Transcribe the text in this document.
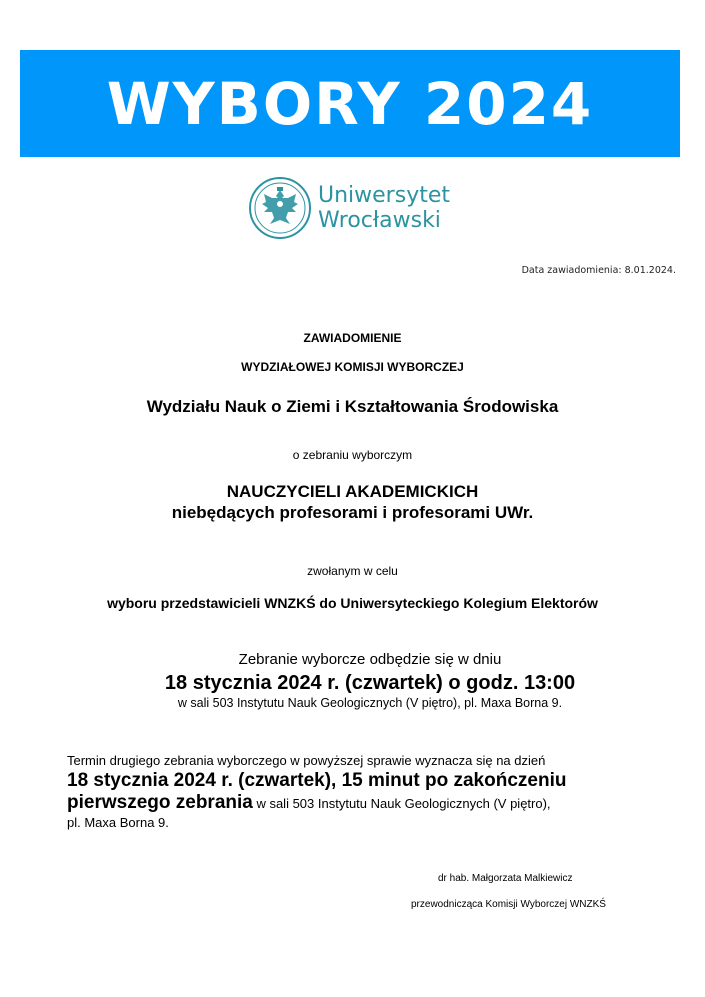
WYBORY 2024
Uniwersytet
Wrocławski
Data zawiadomienia: 8.01.2024.
ZAWIADOMIENIE
WYDZIAŁOWEJ KOMISJI WYBORCZEJ
Wydziału Nauk o Ziemi i Kształtowania Środowiska
o zebraniu wyborczym
NAUCZYCIELI AKADEMICKICH
niebędących profesorami i profesorami UWr.
zwołanym w celu
wyboru przedstawicieli WNZKŚ do Uniwersyteckiego Kolegium Elektorów
Zebranie wyborcze odbędzie się w dniu
18 stycznia 2024 r. (czwartek) o godz. 13:00
w sali 503 Instytutu Nauk Geologicznych (V piętro), pl. Maxa Borna 9.
Termin drugiego zebrania wyborczego w powyższej sprawie wyznacza się na dzień
18 stycznia 2024 r. (czwartek), 15 minut po zakończeniu
pierwszego zebrania w sali 503 Instytutu Nauk Geologicznych (V piętro),
pl. Maxa Borna 9.
dr hab. Małgorzata Malkiewicz
przewodnicząca Komisji Wyborczej WNZKŚ
